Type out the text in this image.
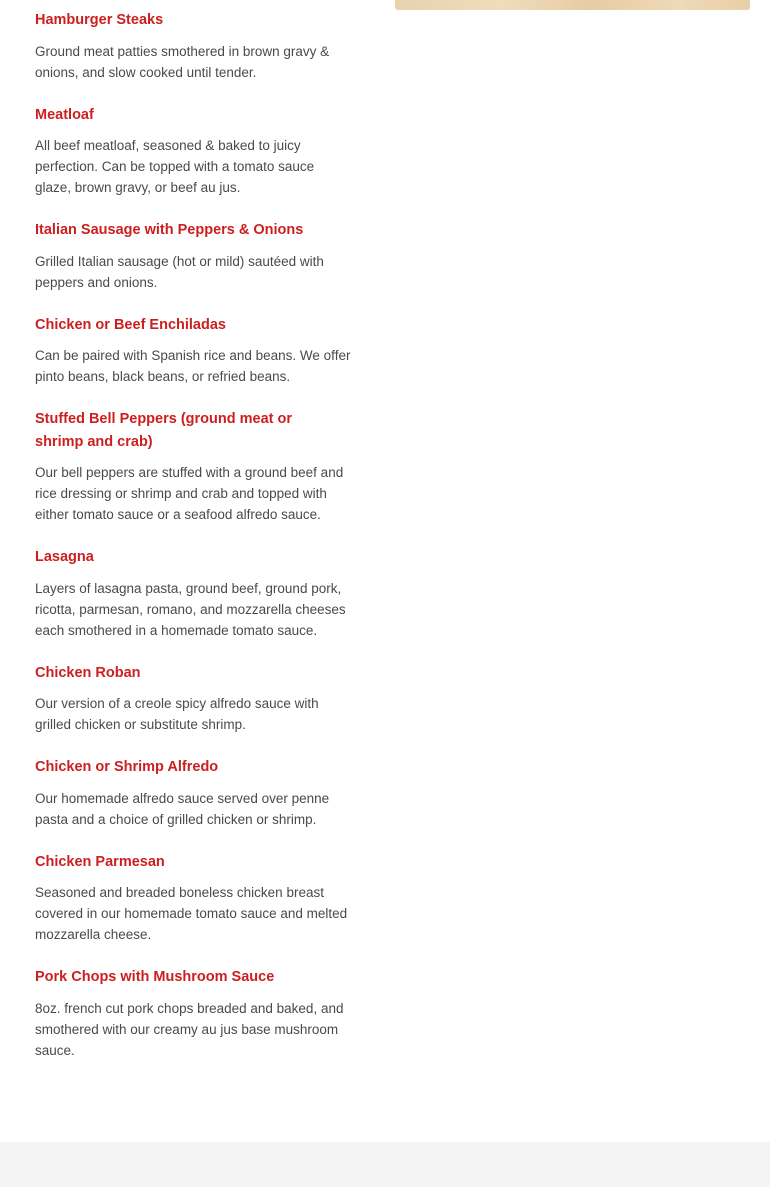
Hamburger Steaks

Ground meat patties smothered in brown gravy & onions, and slow cooked until tender.

Meatloaf

All beef meatloaf, seasoned & baked to juicy perfection. Can be topped with a tomato sauce glaze, brown gravy, or beef au jus.

Italian Sausage with Peppers & Onions

Grilled Italian sausage (hot or mild) sautéed with peppers and onions.

Chicken or Beef Enchiladas

Can be paired with Spanish rice and beans. We offer pinto beans, black beans, or refried beans.

Stuffed Bell Peppers (ground meat or shrimp and crab)

Our bell peppers are stuffed with a ground beef and rice dressing or shrimp and crab and topped with either tomato sauce or a seafood alfredo sauce.

Lasagna

Layers of lasagna pasta, ground beef, ground pork, ricotta, parmesan, romano, and mozzarella cheeses each smothered in a homemade tomato sauce.

Chicken Roban

Our version of a creole spicy alfredo sauce with grilled chicken or substitute shrimp.

Chicken or Shrimp Alfredo

Our homemade alfredo sauce served over penne pasta and a choice of grilled chicken or shrimp.

Chicken Parmesan

Seasoned and breaded boneless chicken breast covered in our homemade tomato sauce and melted mozzarella cheese.

Pork Chops with Mushroom Sauce

8oz. french cut pork chops breaded and baked, and smothered with our creamy au jus base mushroom sauce.
